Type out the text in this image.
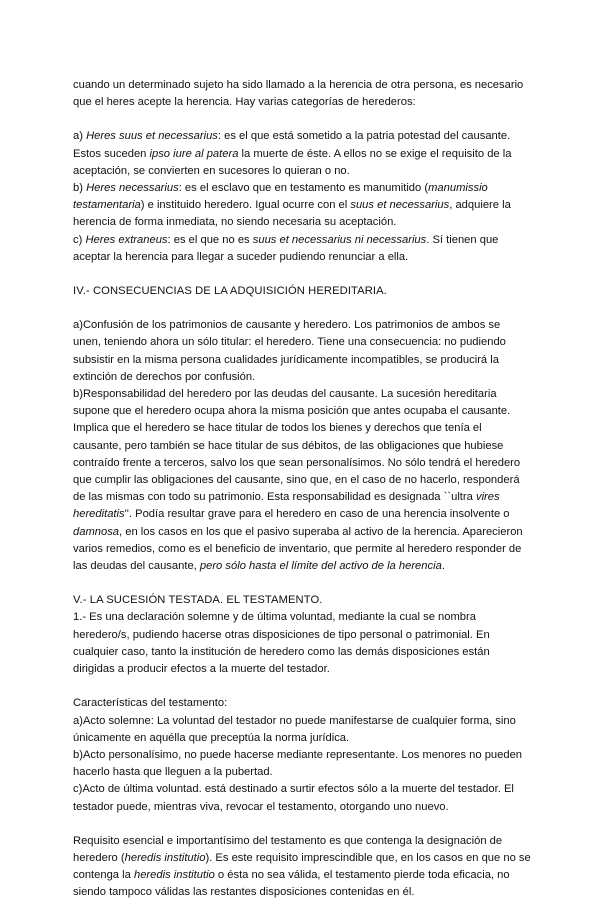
cuando un determinado sujeto ha sido llamado a la herencia de otra persona, es necesario que el heres acepte la herencia. Hay varias categorías de herederos:

a) Heres suus et necessarius: es el que está sometido a la patria potestad del causante. Estos suceden ipso iure al patera la muerte de éste. A ellos no se exige el requisito de la aceptación, se convierten en sucesores lo quieran o no.

b) Heres necessarius: es el esclavo que en testamento es manumitido (manumissio testamentaria) e instituido heredero. Igual ocurre con el suus et necessarius, adquiere la herencia de forma inmediata, no siendo necesaria su aceptación.

c) Heres extraneus: es el que no es suus et necessarius ni necessarius. Sí tienen que aceptar la herencia para llegar a suceder pudiendo renunciar a ella.

IV.- CONSECUENCIAS DE LA ADQUISICIÓN HEREDITARIA.

a)Confusión de los patrimonios de causante y heredero. Los patrimonios de ambos se unen, teniendo ahora un sólo titular: el heredero. Tiene una consecuencia: no pudiendo subsistir en la misma persona cualidades jurídicamente incompatibles, se producirá la extinción de derechos por confusión.

b)Responsabilidad del heredero por las deudas del causante. La sucesión hereditaria supone que el heredero ocupa ahora la misma posición que antes ocupaba el causante. Implica que el heredero se hace titular de todos los bienes y derechos que tenía el causante, pero también se hace titular de sus débitos, de las obligaciones que hubiese contraído frente a terceros, salvo los que sean personalísimos. No sólo tendrá el heredero que cumplir las obligaciones del causante, sino que, en el caso de no hacerlo, responderá de las mismas con todo su patrimonio. Esta responsabilidad es designada ``ultra vires hereditatis''. Podía resultar grave para el heredero en caso de una herencia insolvente o damnosa, en los casos en los que el pasivo superaba al activo de la herencia. Aparecieron varios remedios, como es el beneficio de inventario, que permite al heredero responder de las deudas del causante, pero sólo hasta el límite del activo de la herencia.

V.- LA SUCESIÓN TESTADA. EL TESTAMENTO.

1.- Es una declaración solemne y de última voluntad, mediante la cual se nombra heredero/s, pudiendo hacerse otras disposiciones de tipo personal o patrimonial. En cualquier caso, tanto la institución de heredero como las demás disposiciones están dirigidas a producir efectos a la muerte del testador.

Características del testamento:

a)Acto solemne: La voluntad del testador no puede manifestarse de cualquier forma, sino únicamente en aquélla que preceptúa la norma jurídica.

b)Acto personalísimo, no puede hacerse mediante representante. Los menores no pueden hacerlo hasta que lleguen a la pubertad.

c)Acto de última voluntad. está destinado a surtir efectos sólo a la muerte del testador. El testador puede, mientras viva, revocar el testamento, otorgando uno nuevo.

Requisito esencial e importantísimo del testamento es que contenga la designación de heredero (heredis institutio). Es este requisito imprescindible que, en los casos en que no se contenga la heredis institutio o ésta no sea válida, el testamento pierde toda eficacia, no siendo tampoco válidas las restantes disposiciones contenidas en él.
